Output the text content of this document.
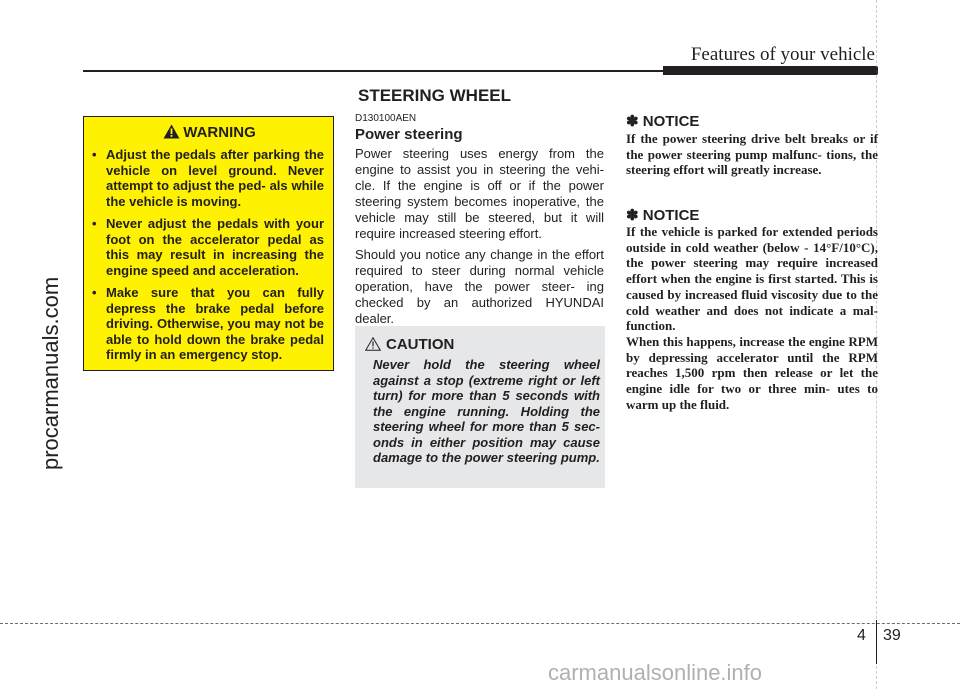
Features of your vehicle
STEERING WHEEL
WARNING
• Adjust the pedals after parking the vehicle on level ground. Never attempt to adjust the ped- als while the vehicle is moving.
• Never adjust the pedals with your foot on the accelerator pedal as this may result in increasing the engine speed and acceleration.
• Make sure that you can fully depress the brake pedal before driving. Otherwise, you may not be able to hold down the brake pedal firmly in an emergency stop.
D130100AEN
Power steering

Power steering uses energy from the engine to assist you in steering the vehi- cle. If the engine is off or if the power steering system becomes inoperative, the vehicle may still be steered, but it will require increased steering effort.

Should you notice any change in the effort required to steer during normal vehicle operation, have the power steer- ing checked by an authorized HYUNDAI dealer.

CAUTION
Never hold the steering wheel against a stop (extreme right or left turn) for more than 5 seconds with the engine running. Holding the steering wheel for more than 5 sec- onds in either position may cause damage to the power steering pump.
✽ NOTICE
If the power steering drive belt breaks or if the power steering pump malfunc- tions, the steering effort will greatly increase.
✽ NOTICE
If the vehicle is parked for extended periods outside in cold weather (below - 14°F/10°C), the power steering may require increased effort when the engine is first started. This is caused by increased fluid viscosity due to the cold weather and does not indicate a mal- function.
When this happens, increase the engine RPM by depressing accelerator until the RPM reaches 1,500 rpm then release or let the engine idle for two or three min- utes to warm up the fluid.
4 39
procarmanuals.com
carmanualsonline.info
